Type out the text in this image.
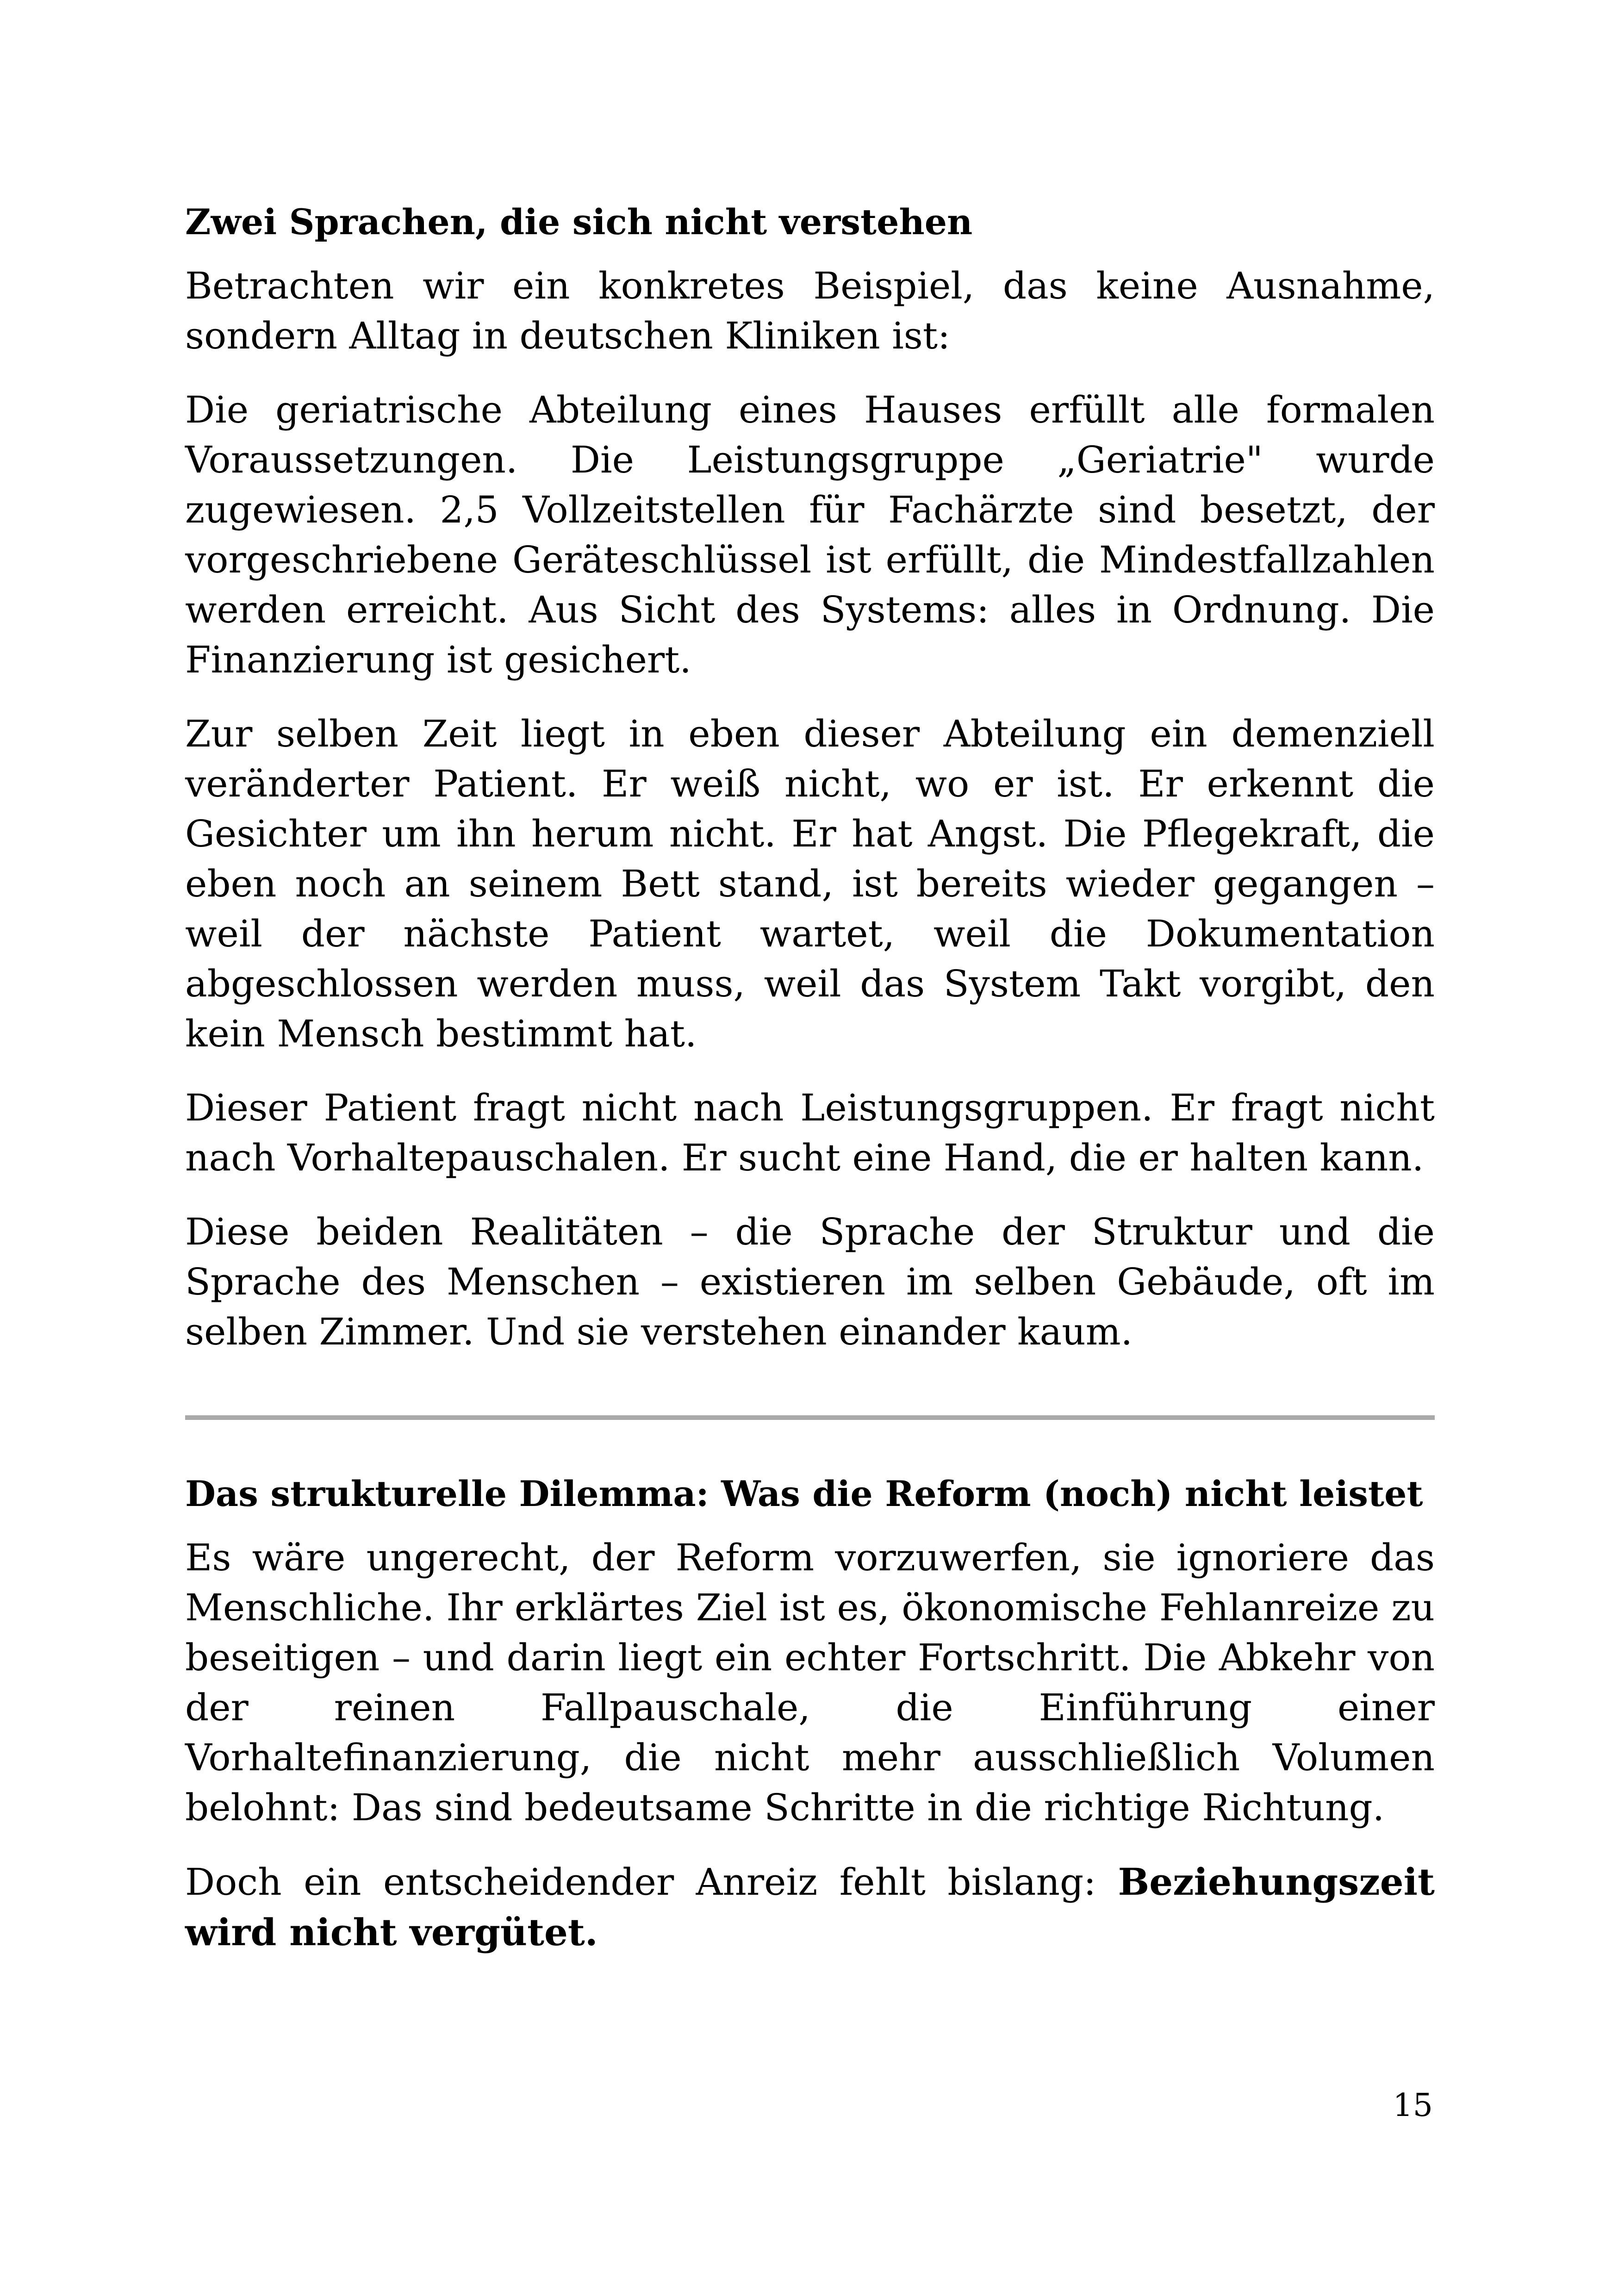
Zwei Sprachen, die sich nicht verstehen

Betrachten wir ein konkretes Beispiel, das keine Ausnahme, sondern Alltag in deutschen Kliniken ist:

Die geriatrische Abteilung eines Hauses erfüllt alle formalen Voraussetzungen. Die Leistungsgruppe „Geriatrie" wurde zugewiesen. 2,5 Vollzeitstellen für Fachärzte sind besetzt, der vorgeschriebene Geräteschlüssel ist erfüllt, die Mindestfallzahlen werden erreicht. Aus Sicht des Systems: alles in Ordnung. Die Finanzierung ist gesichert.

Zur selben Zeit liegt in eben dieser Abteilung ein demenziell veränderter Patient. Er weiß nicht, wo er ist. Er erkennt die Gesichter um ihn herum nicht. Er hat Angst. Die Pflegekraft, die eben noch an seinem Bett stand, ist bereits wieder gegangen – weil der nächste Patient wartet, weil die Dokumentation abgeschlossen werden muss, weil das System Takt vorgibt, den kein Mensch bestimmt hat.

Dieser Patient fragt nicht nach Leistungsgruppen. Er fragt nicht nach Vorhaltepauschalen. Er sucht eine Hand, die er halten kann.

Diese beiden Realitäten – die Sprache der Struktur und die Sprache des Menschen – existieren im selben Gebäude, oft im selben Zimmer. Und sie verstehen einander kaum.

Das strukturelle Dilemma: Was die Reform (noch) nicht leistet

Es wäre ungerecht, der Reform vorzuwerfen, sie ignoriere das Menschliche. Ihr erklärtes Ziel ist es, ökonomische Fehlanreize zu beseitigen – und darin liegt ein echter Fortschritt. Die Abkehr von der reinen Fallpauschale, die Einführung einer Vorhaltefinanzierung, die nicht mehr ausschließlich Volumen belohnt: Das sind bedeutsame Schritte in die richtige Richtung.

Doch ein entscheidender Anreiz fehlt bislang: Beziehungszeit wird nicht vergütet.

15
